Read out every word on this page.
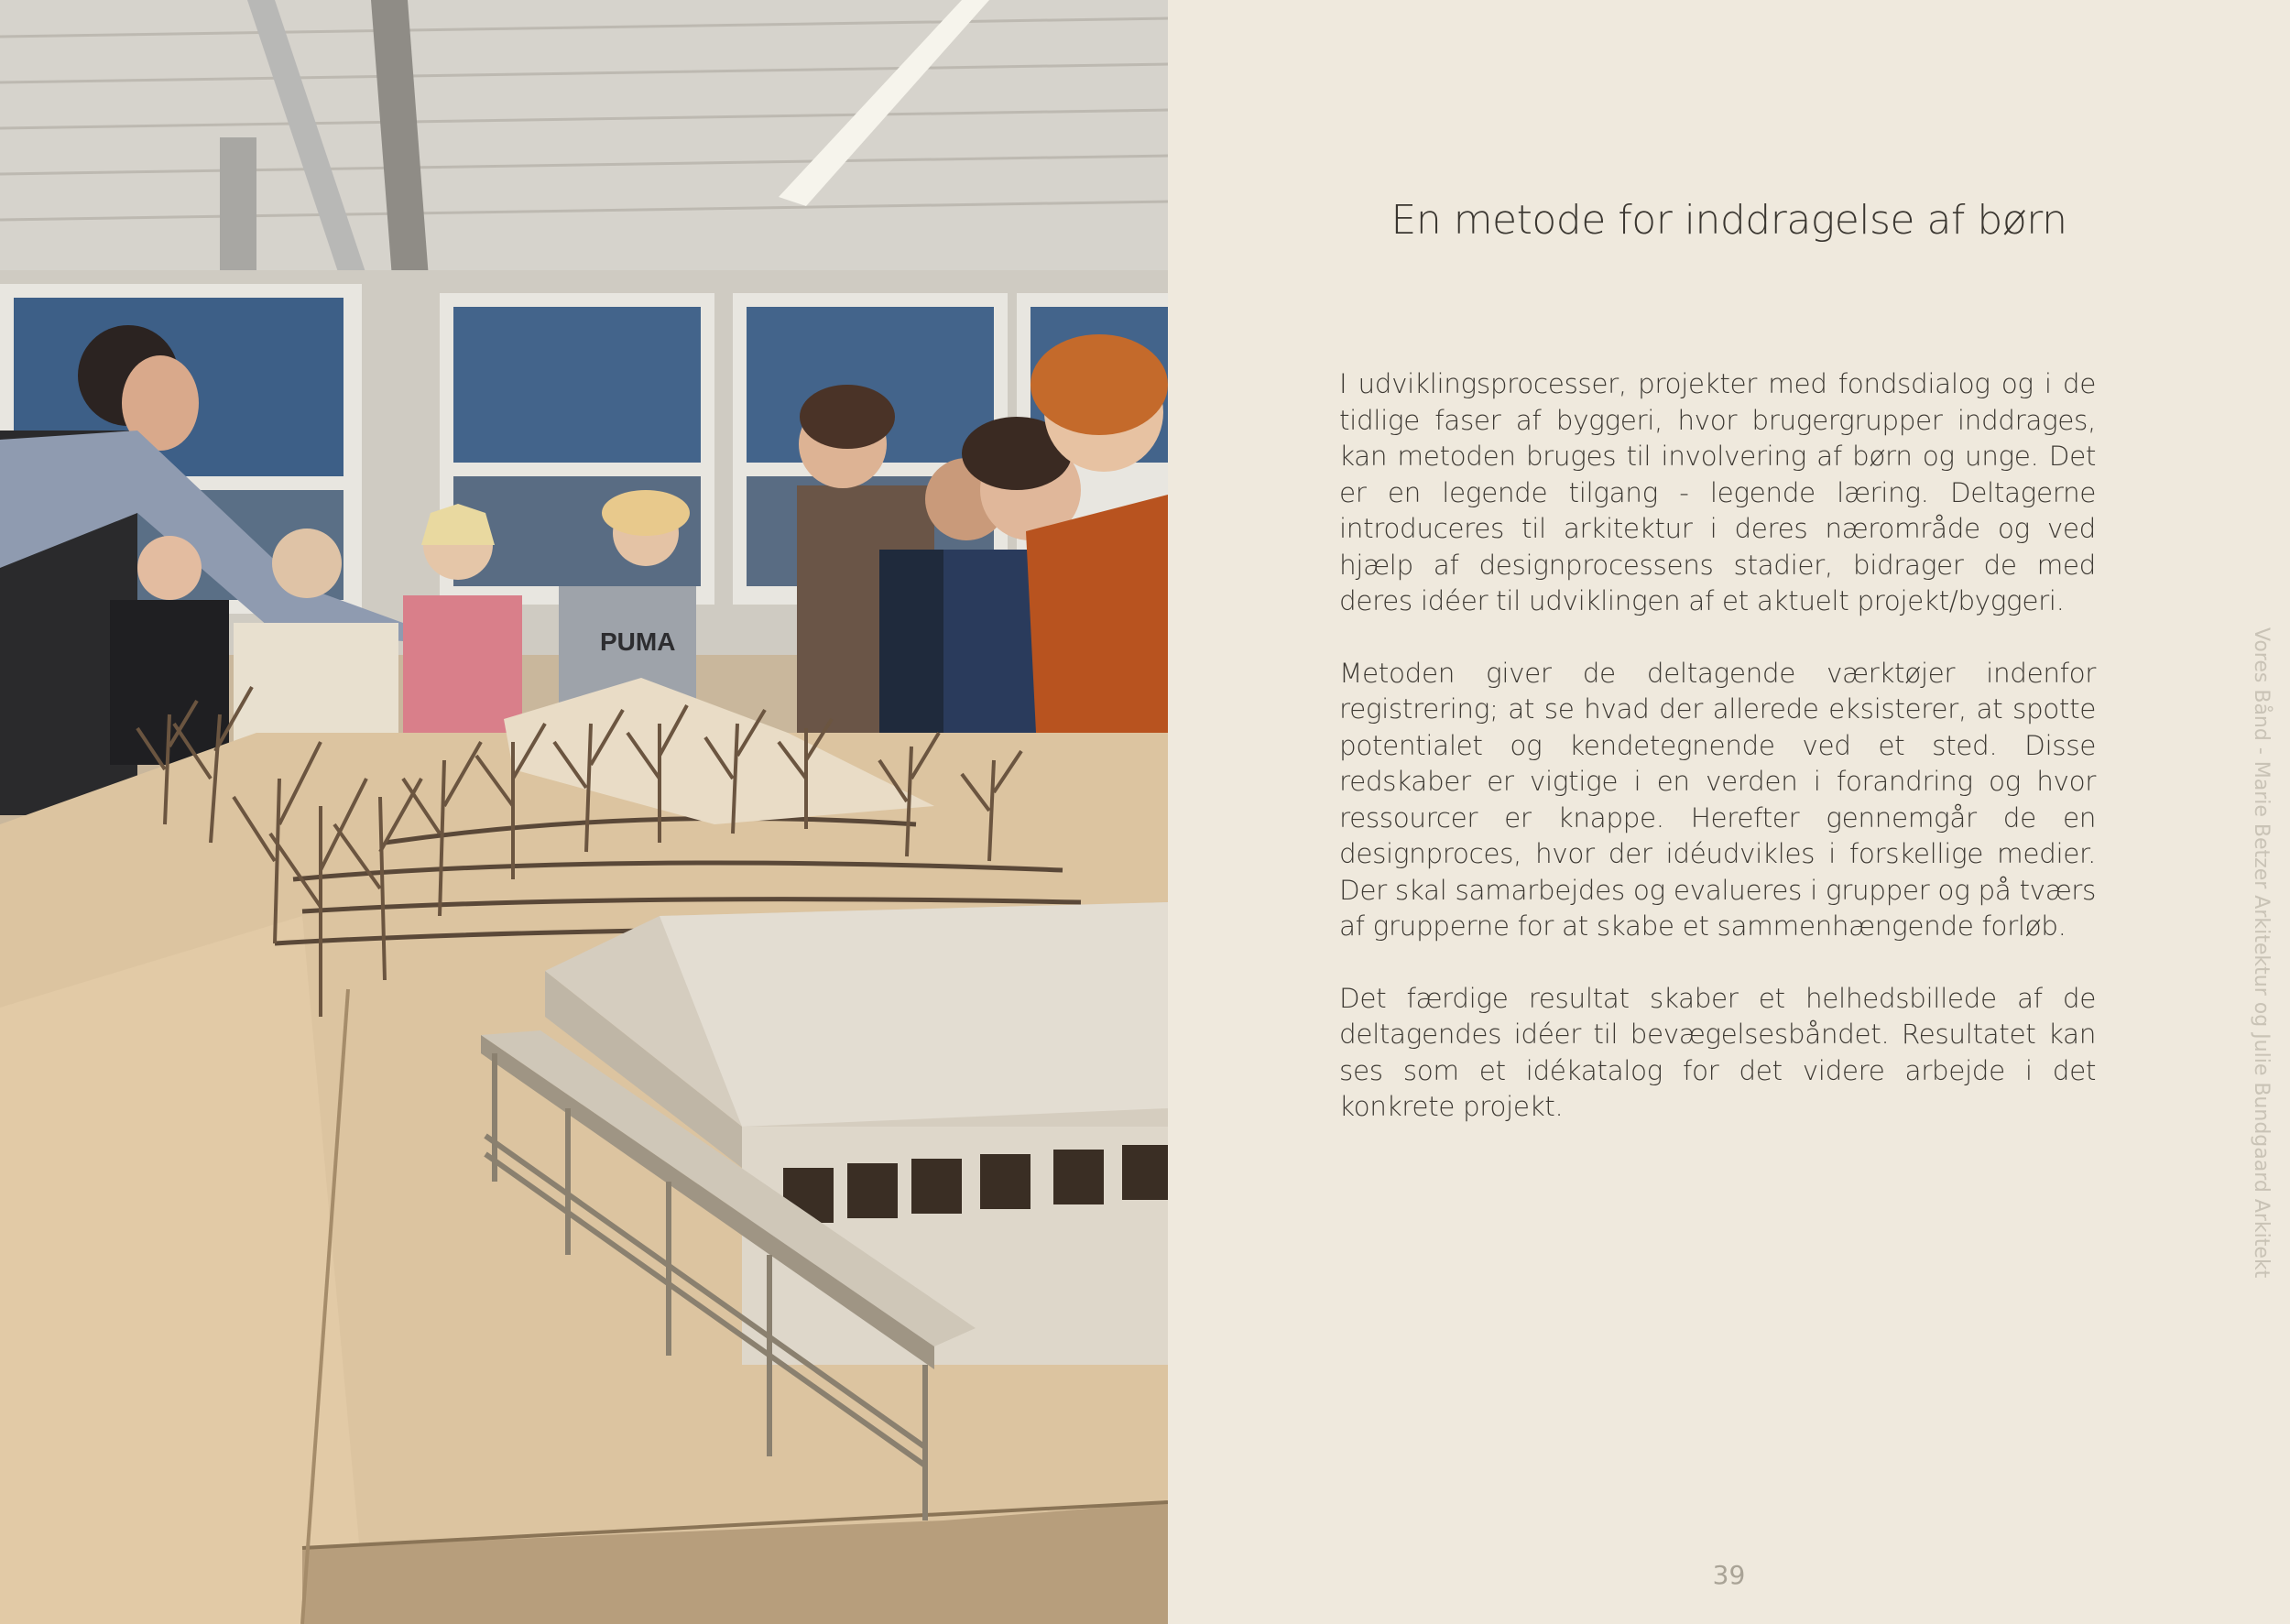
PUMA
En metode for inddragelse af børn

I udviklingsprocesser, projekter med fondsdialog og i de tidlige faser af byggeri, hvor brugergrupper inddrages, kan metoden bruges til involvering af børn og unge. Det er en legende tilgang - legende læring. Deltagerne introduceres til arkitektur i deres nærområde og ved hjælp af designprocessens stadier, bidrager de med deres idéer til udviklingen af et aktuelt projekt/byggeri.

Metoden giver de deltagende værktøjer indenfor registrering; at se hvad der allerede eksisterer, at spotte potentialet og kendetegnende ved et sted. Disse redskaber er vigtige i en verden i forandring og hvor ressourcer er knappe. Herefter gennemgår de en designproces, hvor der idéudvikles i forskellige medier. Der skal samarbejdes og evalueres i grupper og på tværs af grupperne for at skabe et sammenhængende forløb.

Det færdige resultat skaber et helhedsbillede af de deltagendes idéer til bevægelsesbåndet. Resultatet kan ses som et idékatalog for det videre arbejde i det konkrete projekt.	Vores Bånd - Marie Betzer Arkitektur og Julie Bundgaard Arkitekt
39
